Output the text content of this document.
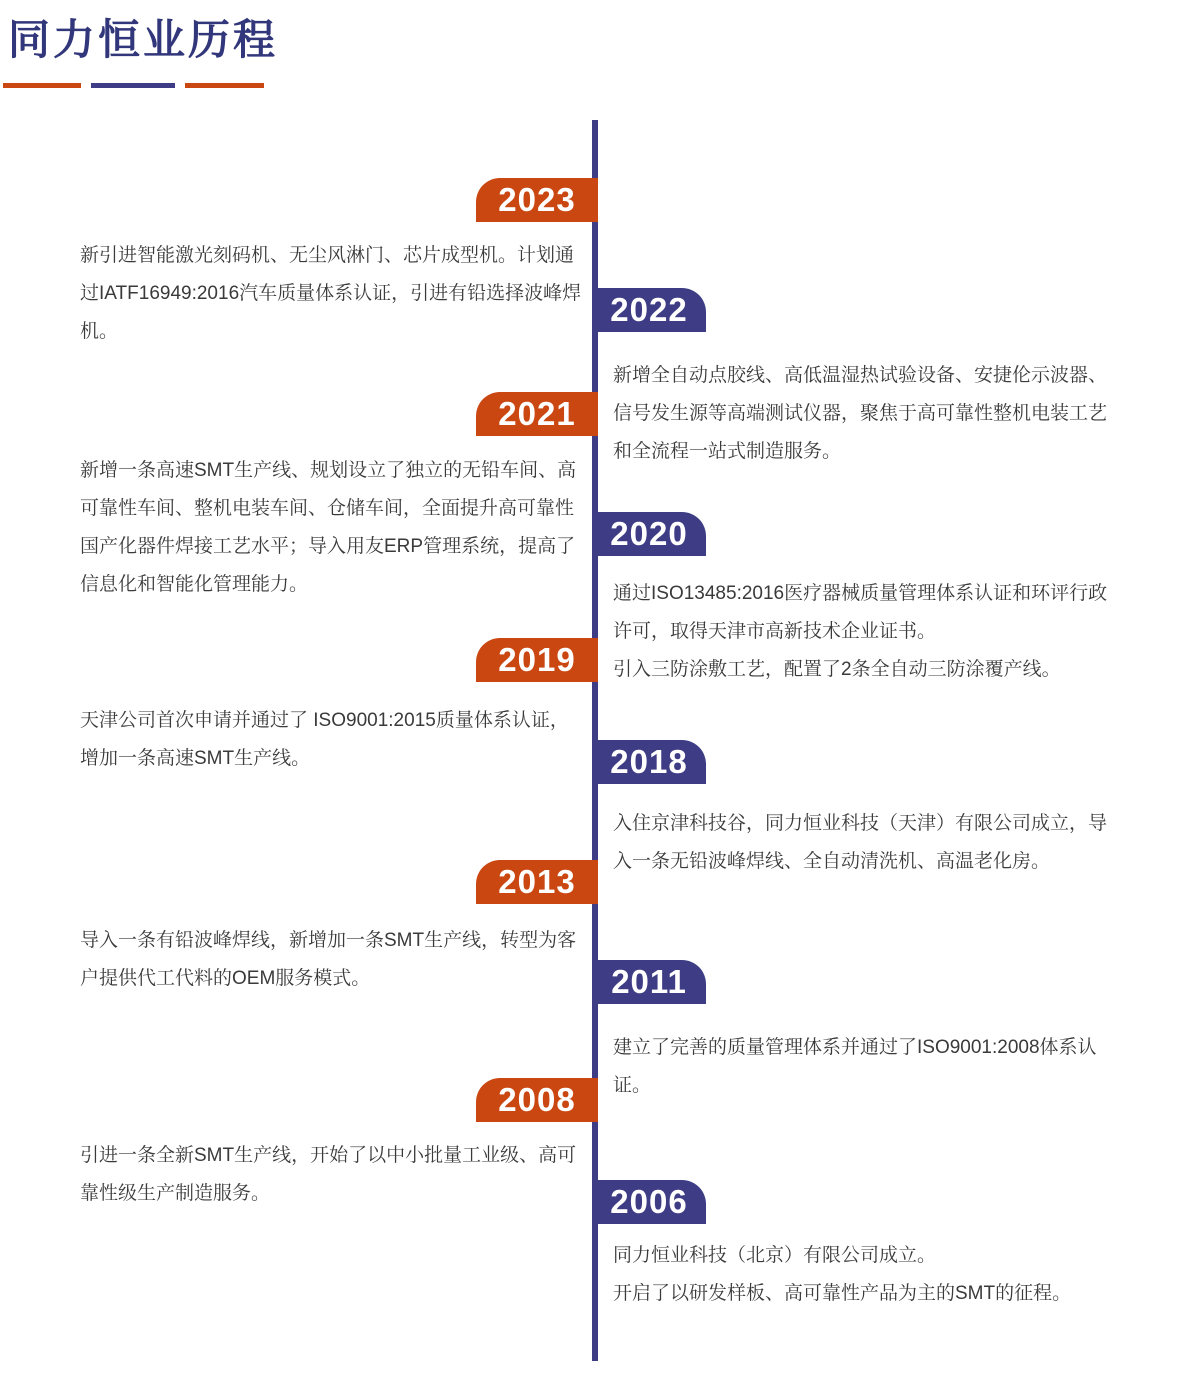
同力恒业历程
2023

新引进智能激光刻码机、无尘风淋门、芯片成型机。计划通过IATF16949:2016汽车质量体系认证，引进有铅选择波峰焊机。

2022

新增全自动点胶线、高低温湿热试验设备、安捷伦示波器、信号发生源等高端测试仪器，聚焦于高可靠性整机电装工艺和全流程一站式制造服务。

2021

新增一条高速SMT生产线、规划设立了独立的无铅车间、高可靠性车间、整机电装车间、仓储车间，全面提升高可靠性国产化器件焊接工艺水平；导入用友ERP管理系统，提高了信息化和智能化管理能力。

2020

通过ISO13485:2016医疗器械质量管理体系认证和环评行政许可，取得天津市高新技术企业证书。

引入三防涂敷工艺，配置了2条全自动三防涂覆产线。

2019

天津公司首次申请并通过了 ISO9001:2015质量体系认证，增加一条高速SMT生产线。	2018

入住京津科技谷，同力恒业科技（天津）有限公司成立，导入一条无铅波峰焊线、全自动清洗机、高温老化房。

2013

导入一条有铅波峰焊线，新增加一条SMT生产线，转型为客户提供代工代料的OEM服务模式。	2011

建立了完善的质量管理体系并通过了ISO9001:2008体系认证。

2008

引进一条全新SMT生产线，开始了以中小批量工业级、高可靠性级生产制造服务。	2006

同力恒业科技（北京）有限公司成立。

开启了以研发样板、高可靠性产品为主的SMT的征程。
